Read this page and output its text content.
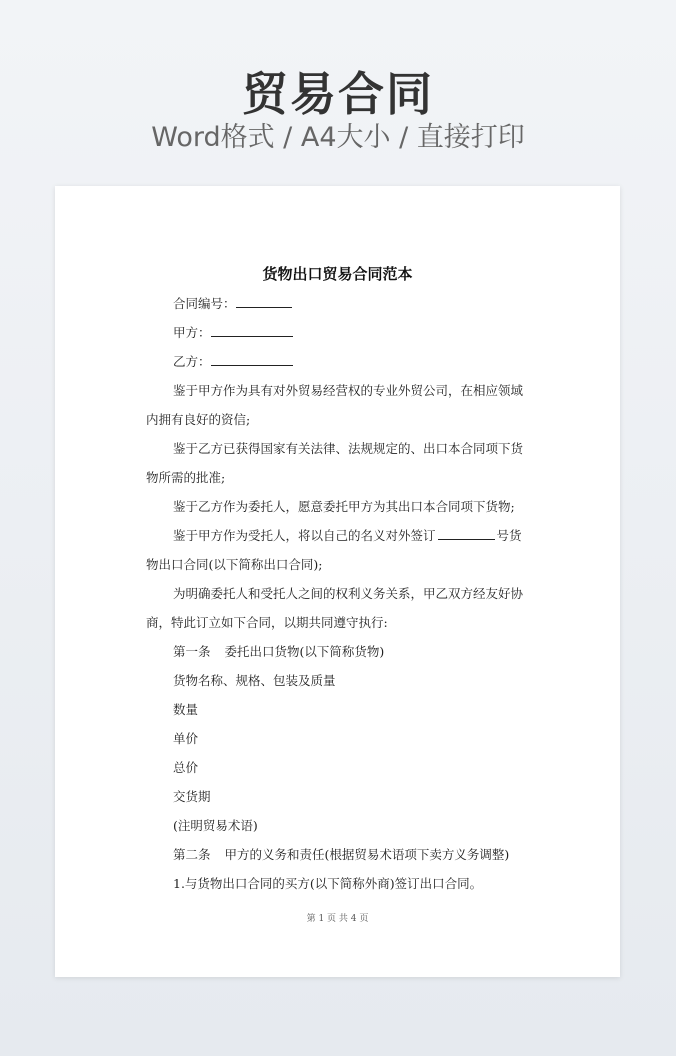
贸易合同
Word格式 / A4大小 / 直接打印
货物出口贸易合同范本
合同编号：
甲方：
乙方：
鉴于甲方作为具有对外贸易经营权的专业外贸公司，在相应领域
内拥有良好的资信;
鉴于乙方已获得国家有关法律、法规规定的、出口本合同项下货
物所需的批准;
鉴于乙方作为委托人，愿意委托甲方为其出口本合同项下货物;
鉴于甲方作为受托人，将以自己的名义对外签订	号货
物出口合同(以下简称出口合同);
为明确委托人和受托人之间的权利义务关系，甲乙双方经友好协
商，特此订立如下合同，以期共同遵守执行:
第一条 委托出口货物(以下简称货物)
货物名称、规格、包装及质量
数量
单价
总价
交货期
(注明贸易术语)
第二条 甲方的义务和责任(根据贸易术语项下卖方义务调整)
1.与货物出口合同的买方(以下简称外商)签订出口合同。
第 1 页 共 4 页
